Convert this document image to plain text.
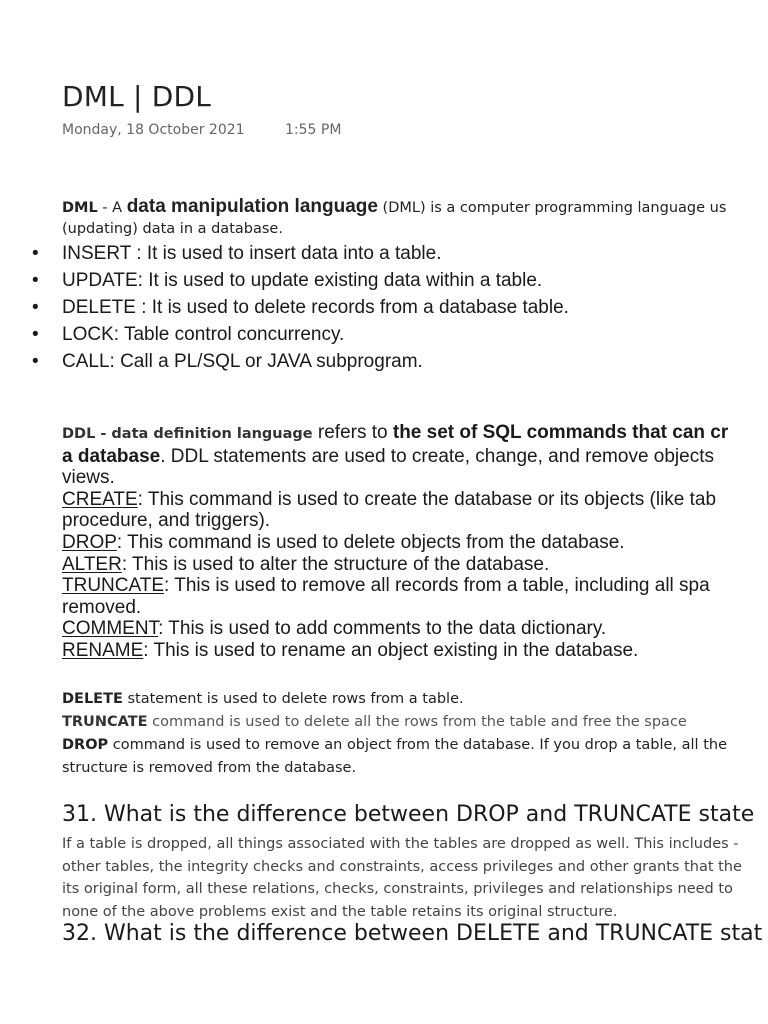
DML | DDL
Monday, 18 October 2021	1:55 PM
DML - A data manipulation language (DML) is a computer programming language us
(updating) data in a database.
• INSERT : It is used to insert data into a table.
• UPDATE: It is used to update existing data within a table.
• DELETE : It is used to delete records from a database table.
• LOCK: Table control concurrency.
• CALL: Call a PL/SQL or JAVA subprogram.
DDL - data definition language refers to the set of SQL commands that can cr
a database. DDL statements are used to create, change, and remove objects
views.
CREATE: This command is used to create the database or its objects (like tab
procedure, and triggers).
DROP: This command is used to delete objects from the database.
ALTER: This is used to alter the structure of the database.
TRUNCATE: This is used to remove all records from a table, including all spa
removed.
COMMENT: This is used to add comments to the data dictionary.
RENAME: This is used to rename an object existing in the database.
DELETE statement is used to delete rows from a table.
TRUNCATE command is used to delete all the rows from the table and free the space
DROP command is used to remove an object from the database. If you drop a table, all the
structure is removed from the database.
31. What is the difference between DROP and TRUNCATE state
If a table is dropped, all things associated with the tables are dropped as well. This includes -
other tables, the integrity checks and constraints, access privileges and other grants that the
its original form, all these relations, checks, constraints, privileges and relationships need to
none of the above problems exist and the table retains its original structure.
32. What is the difference between DELETE and TRUNCATE stat
